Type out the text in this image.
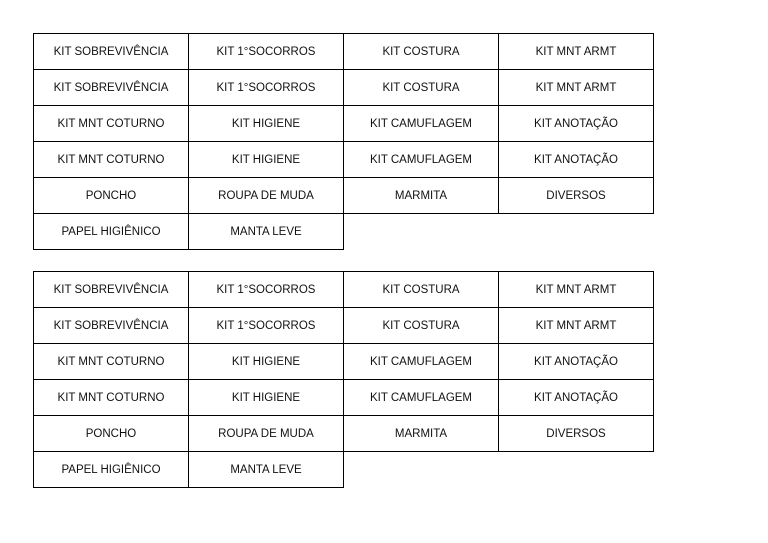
KIT SOBREVIVÊNCIA	KIT 1°SOCORROS	KIT COSTURA	KIT MNT ARMT
KIT SOBREVIVÊNCIA	KIT 1°SOCORROS	KIT COSTURA	KIT MNT ARMT
KIT MNT COTURNO	KIT HIGIENE	KIT CAMUFLAGEM	KIT ANOTAÇÃO
KIT MNT COTURNO	KIT HIGIENE	KIT CAMUFLAGEM	KIT ANOTAÇÃO
PONCHO	ROUPA DE MUDA	MARMITA	DIVERSOS
PAPEL HIGIÊNICO	MANTA LEVE		
KIT SOBREVIVÊNCIA	KIT 1°SOCORROS	KIT COSTURA	KIT MNT ARMT
KIT SOBREVIVÊNCIA	KIT 1°SOCORROS	KIT COSTURA	KIT MNT ARMT
KIT MNT COTURNO	KIT HIGIENE	KIT CAMUFLAGEM	KIT ANOTAÇÃO
KIT MNT COTURNO	KIT HIGIENE	KIT CAMUFLAGEM	KIT ANOTAÇÃO
PONCHO	ROUPA DE MUDA	MARMITA	DIVERSOS
PAPEL HIGIÊNICO	MANTA LEVE		
